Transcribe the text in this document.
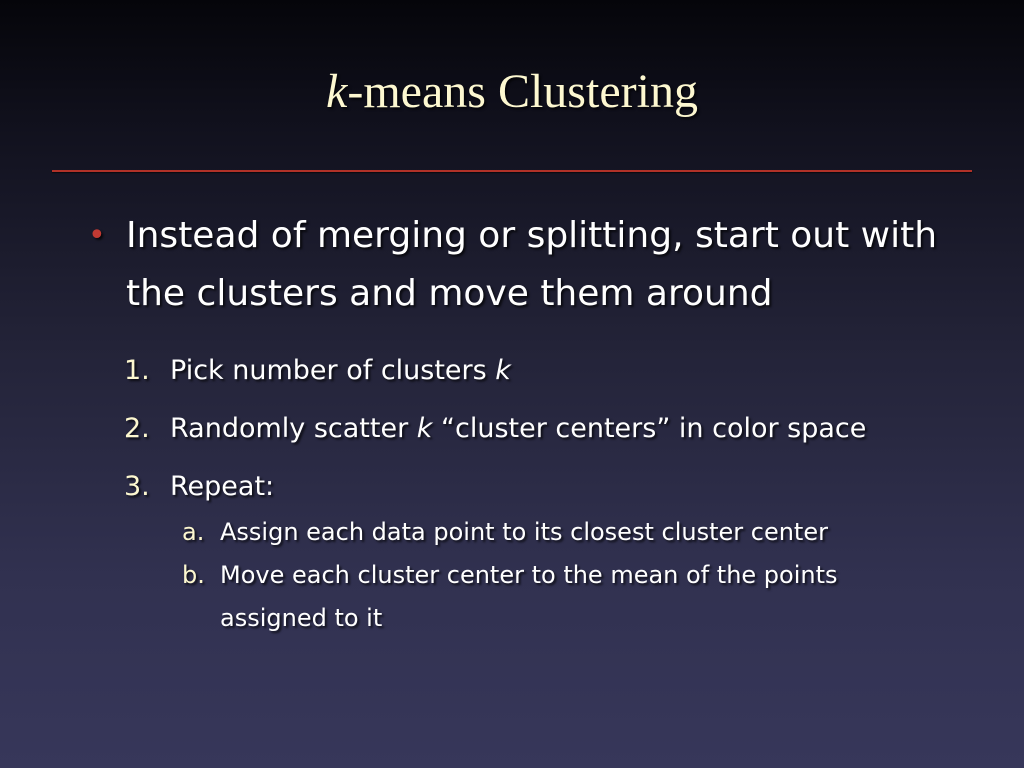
k-means Clustering
• Instead of merging or splitting, start out with the clusters and move them around
1. Pick number of clusters k
2. Randomly scatter k “cluster centers” in color space
3. Repeat:
a. Assign each data point to its closest cluster center
b. Move each cluster center to the mean of the points assigned to it
